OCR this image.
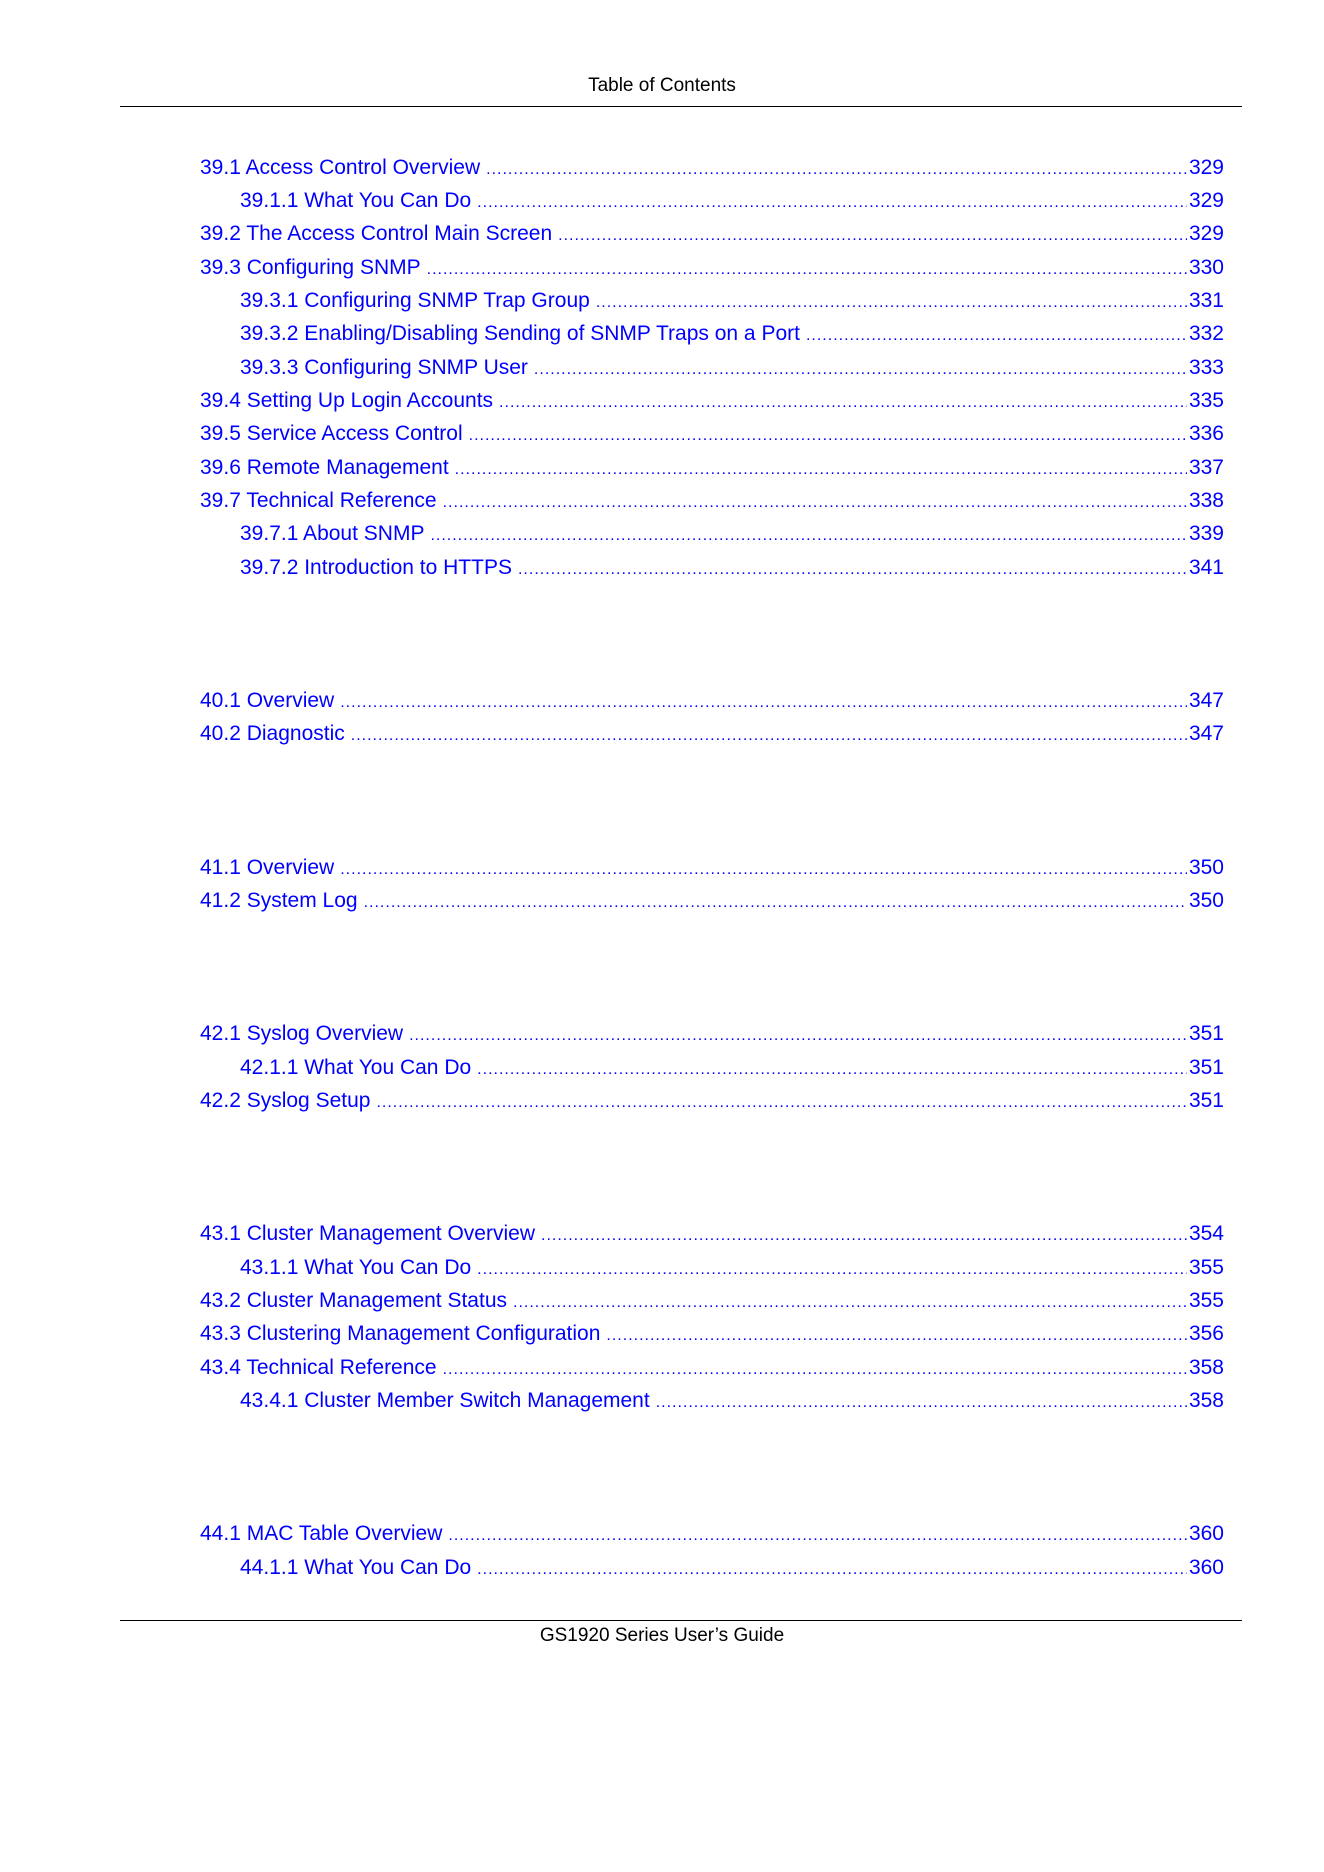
Table of Contents
39.1 Access Control Overview .....	329
39.1.1 What You Can Do .....	329
39.2 The Access Control Main Screen .....	329
39.3 Configuring SNMP .....	330
39.3.1 Configuring SNMP Trap Group .....	331
39.3.2 Enabling/Disabling Sending of SNMP Traps on a Port .....	332
39.3.3 Configuring SNMP User .....	333
39.4 Setting Up Login Accounts .....	335
39.5 Service Access Control .....	336
39.6 Remote Management .....	337
39.7 Technical Reference .....	338
39.7.1 About SNMP .....	339
39.7.2 Introduction to HTTPS .....	341
40.1 Overview .....	347
40.2 Diagnostic .....	347
41.1 Overview .....	350
41.2 System Log .....	350
42.1 Syslog Overview .....	351
42.1.1 What You Can Do .....	351
42.2 Syslog Setup .....	351
43.1 Cluster Management Overview .....	354
43.1.1 What You Can Do .....	355
43.2 Cluster Management Status .....	355
43.3 Clustering Management Configuration .....	356
43.4 Technical Reference .....	358
43.4.1 Cluster Member Switch Management .....	358
44.1 MAC Table Overview .....	360
44.1.1 What You Can Do .....	360
GS1920 Series User’s Guide
